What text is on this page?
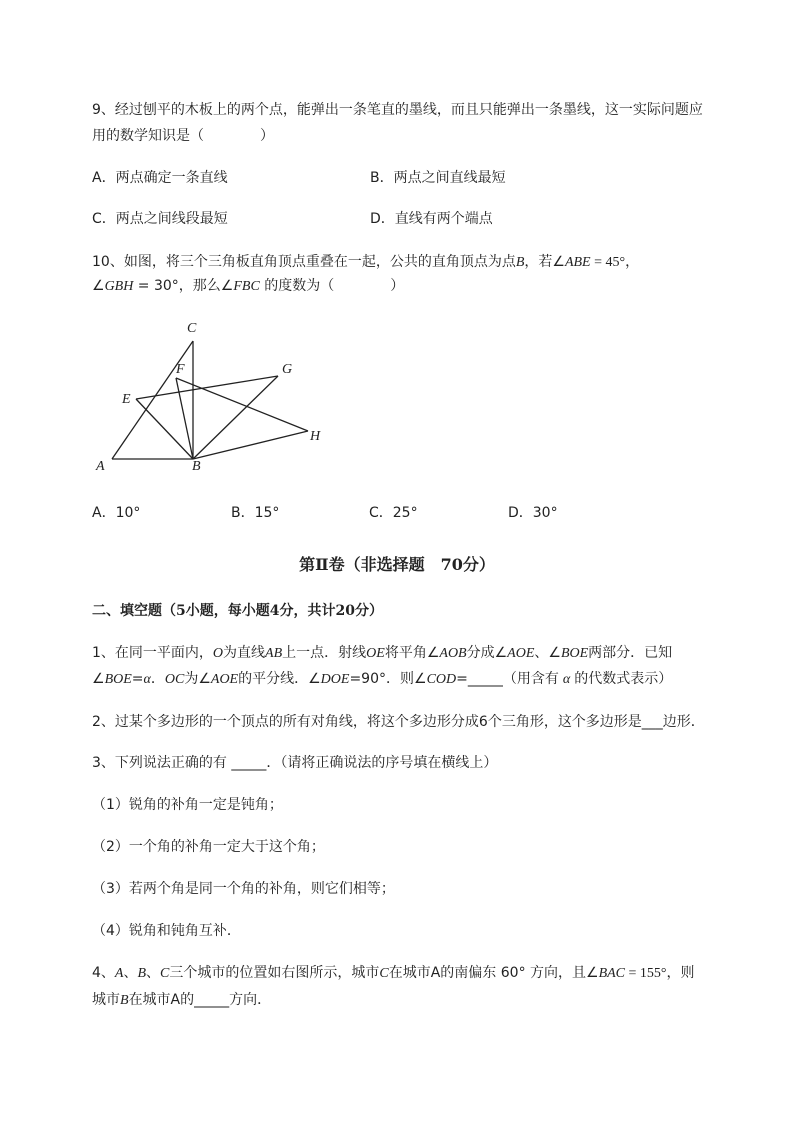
9、经过刨平的木板上的两个点，能弹出一条笔直的墨线，而且只能弹出一条墨线，这一实际问题应
用的数学知识是（　　　　）
A．两点确定一条直线	B．两点之间直线最短
C．两点之间线段最短	D．直线有两个端点
10、如图，将三个三角板直角顶点重叠在一起，公共的直角顶点为点B，若∠ABE = 45°，
∠GBH = 30°，那么∠FBC 的度数为（　　　　）
A	B
C
E
F	G
H
A．10°	B．15°	C．25°	D．30°
第Ⅱ卷（非选择题　70分）
二、填空题（5小题，每小题4分，共计20分）
1、在同一平面内，O为直线AB上一点．射线OE将平角∠AOB分成∠AOE、∠BOE两部分．已知
∠BOE=α．OC为∠AOE的平分线．∠DOE=90°．则∠COD=_____（用含有 α 的代数式表示）
2、过某个多边形的一个顶点的所有对角线，将这个多边形分成6个三角形，这个多边形是___边形．
3、下列说法正确的有 _____．（请将正确说法的序号填在横线上）
（1）锐角的补角一定是钝角；
（2）一个角的补角一定大于这个角；
（3）若两个角是同一个角的补角，则它们相等；
（4）锐角和钝角互补．
4、A、B、C三个城市的位置如右图所示，城市C在城市A的南偏东 60° 方向，且∠BAC = 155°，则
城市B在城市A的_____方向．
